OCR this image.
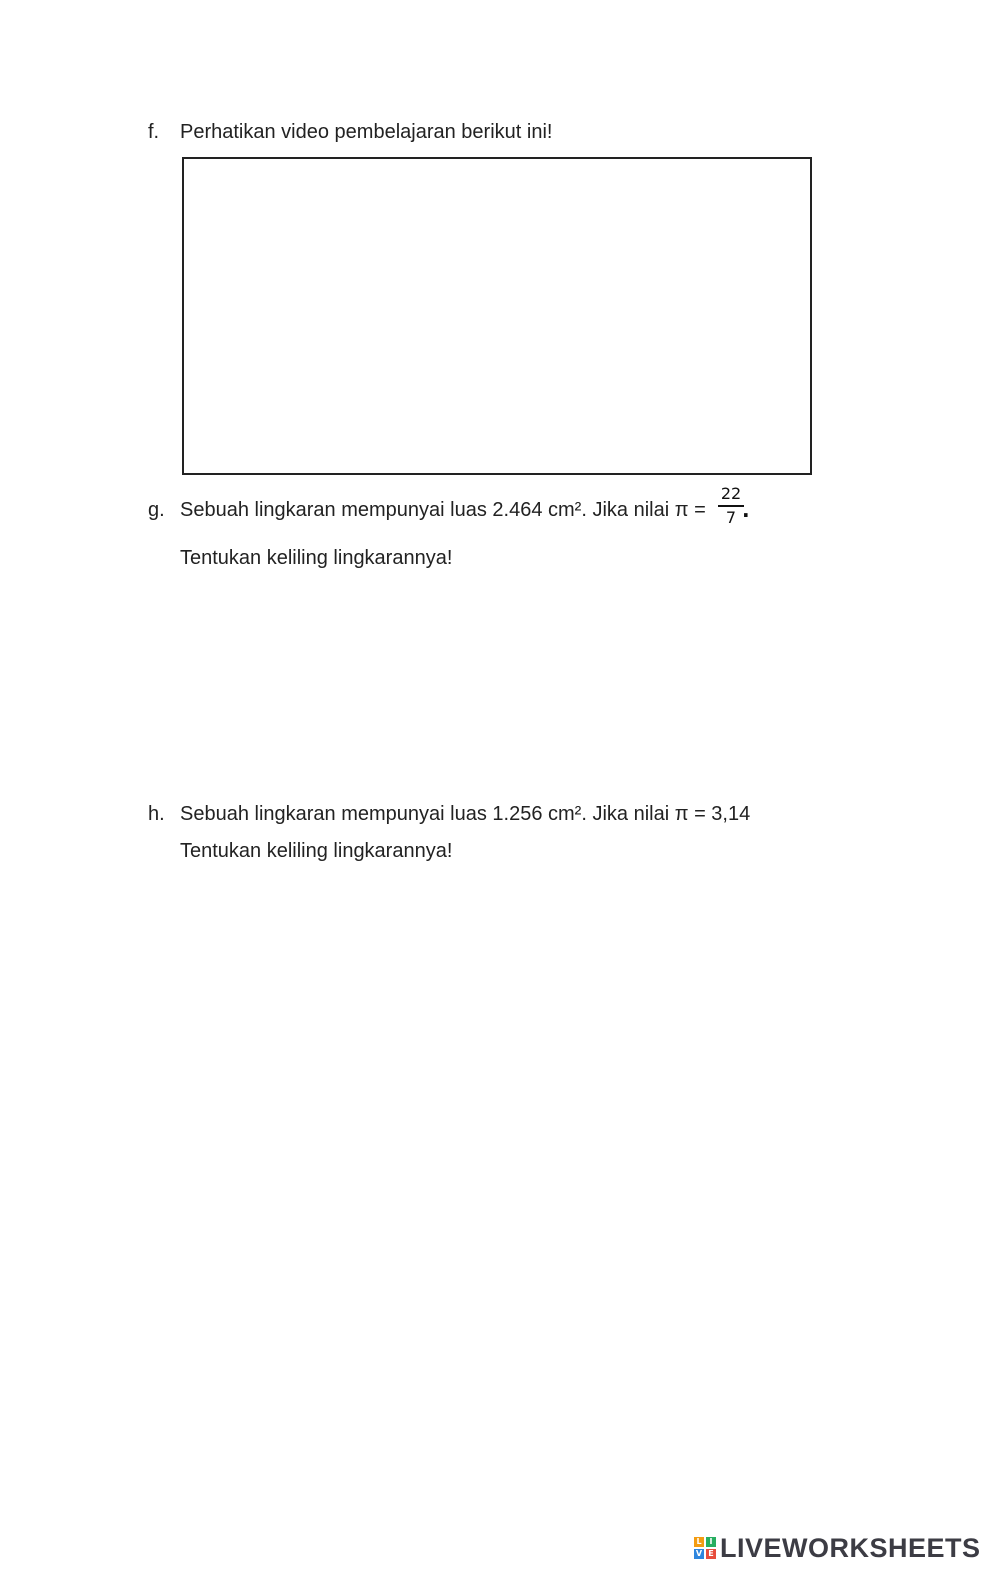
f. Perhatikan video pembelajaran berikut ini!
g. Sebuah lingkaran mempunyai luas 2.464 cm². Jika nilai π =
22
7 .
Tentukan keliling lingkarannya!
h. Sebuah lingkaran mempunyai luas 1.256 cm². Jika nilai π = 3,14
Tentukan keliling lingkarannya!
L I
V E LIVEWORKSHEETS
